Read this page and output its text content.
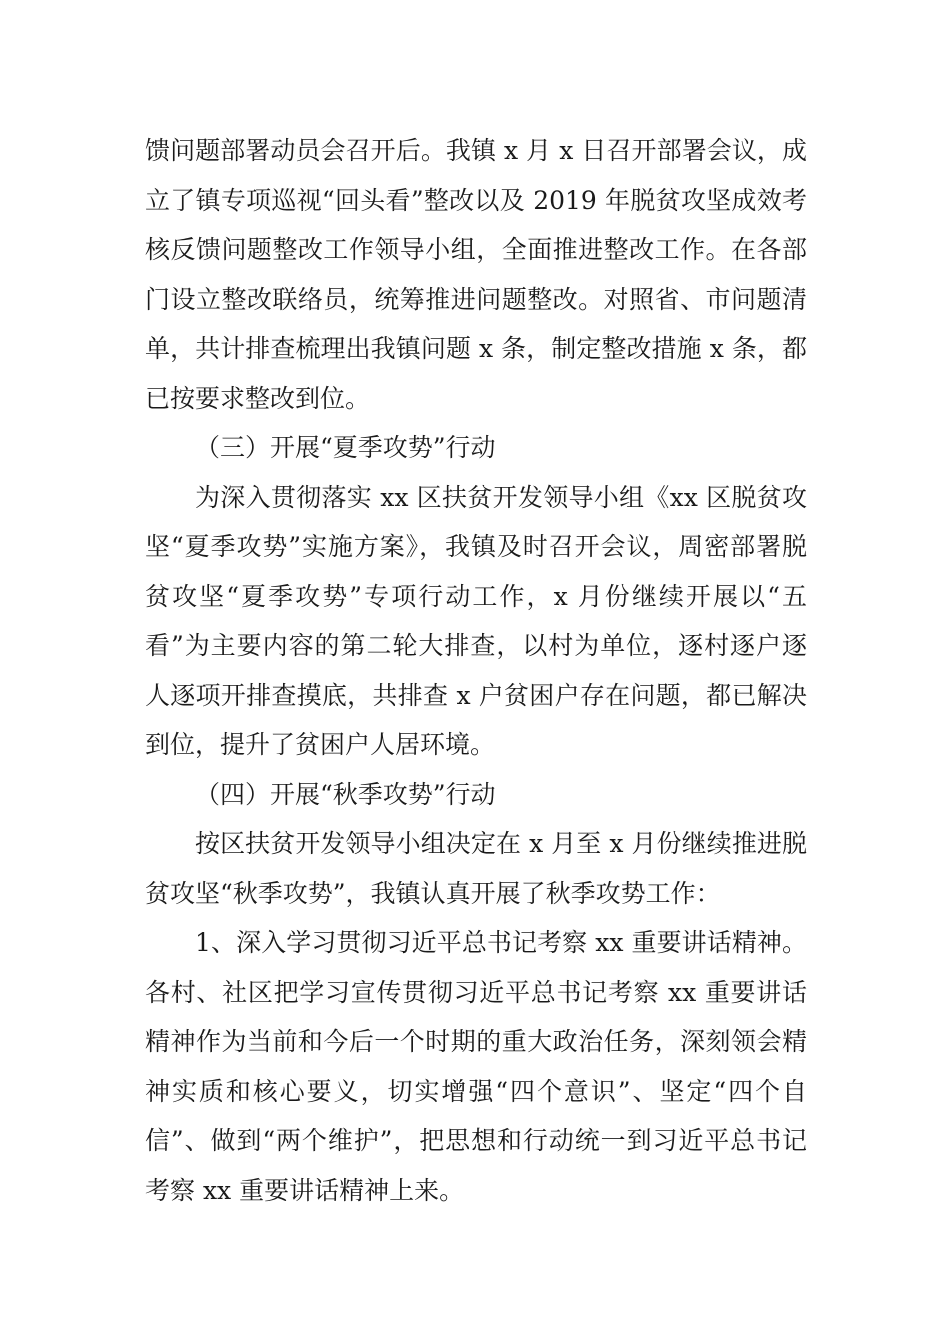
馈问题部署动员会召开后。我镇 x 月 x 日召开部署会议，成立了镇专项巡视“回头看”整改以及 2019 年脱贫攻坚成效考核反馈问题整改工作领导小组，全面推进整改工作。在各部门设立整改联络员，统筹推进问题整改。对照省、市问题清单，共计排查梳理出我镇问题 x 条，制定整改措施 x 条，都已按要求整改到位。

（三）开展“夏季攻势”行动

为深入贯彻落实 xx 区扶贫开发领导小组《xx 区脱贫攻坚“夏季攻势”实施方案》，我镇及时召开会议，周密部署脱贫攻坚“夏季攻势”专项行动工作，x 月份继续开展以“五看”为主要内容的第二轮大排查，以村为单位，逐村逐户逐人逐项开排查摸底，共排查 x 户贫困户存在问题，都已解决到位，提升了贫困户人居环境。

（四）开展“秋季攻势”行动

按区扶贫开发领导小组决定在 x 月至 x 月份继续推进脱贫攻坚“秋季攻势”，我镇认真开展了秋季攻势工作：

1、深入学习贯彻习近平总书记考察 xx 重要讲话精神。各村、社区把学习宣传贯彻习近平总书记考察 xx 重要讲话精神作为当前和今后一个时期的重大政治任务，深刻领会精神实质和核心要义，切实增强“四个意识”、坚定“四个自信”、做到“两个维护”，把思想和行动统一到习近平总书记考察 xx 重要讲话精神上来。
